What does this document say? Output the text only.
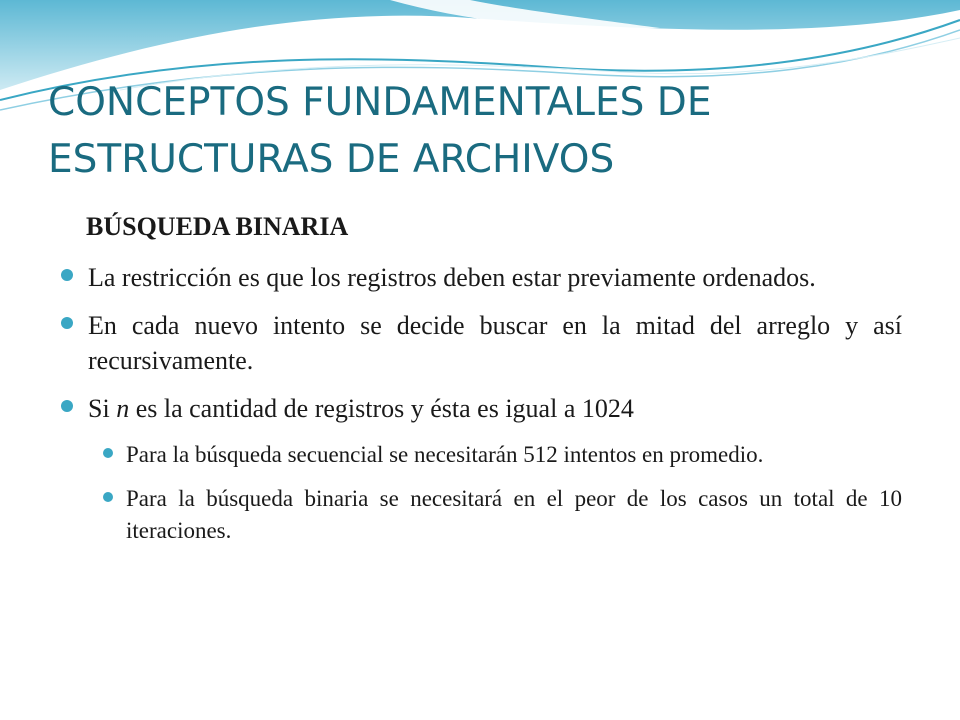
CONCEPTOS FUNDAMENTALES DE
ESTRUCTURAS DE ARCHIVOS
BÚSQUEDA BINARIA
La restricción es que los registros deben estar previamente ordenados.
En cada nuevo intento se decide buscar en la mitad del arreglo y así recursivamente.
Si n es la cantidad de registros y ésta es igual a 1024
Para la búsqueda secuencial se necesitarán 512 intentos en promedio.
Para la búsqueda binaria se necesitará en el peor de los casos un total de 10 iteraciones.
